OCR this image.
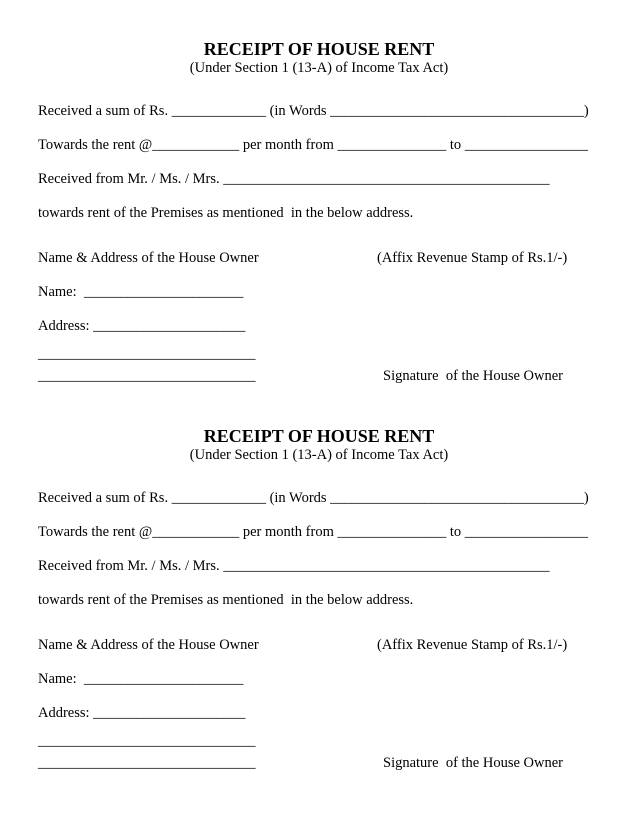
RECEIPT OF HOUSE RENT
(Under Section 1 (13-A) of Income Tax Act)
Received a sum of Rs. _____________ (in Words ___________________________________)
Towards the rent @____________ per month from _______________ to _________________
Received from Mr. / Ms. / Mrs. _____________________________________________
towards rent of the Premises as mentioned  in the below address.
Name & Address of the House Owner	(Affix Revenue Stamp of Rs.1/-)
Name:  ______________________
Address: _____________________
______________________________
______________________________	Signature  of the House Owner
RECEIPT OF HOUSE RENT
(Under Section 1 (13-A) of Income Tax Act)
Received a sum of Rs. _____________ (in Words ___________________________________)
Towards the rent @____________ per month from _______________ to _________________
Received from Mr. / Ms. / Mrs. _____________________________________________
towards rent of the Premises as mentioned  in the below address.
Name & Address of the House Owner	(Affix Revenue Stamp of Rs.1/-)
Name:  ______________________
Address: _____________________
______________________________
______________________________	Signature  of the House Owner
